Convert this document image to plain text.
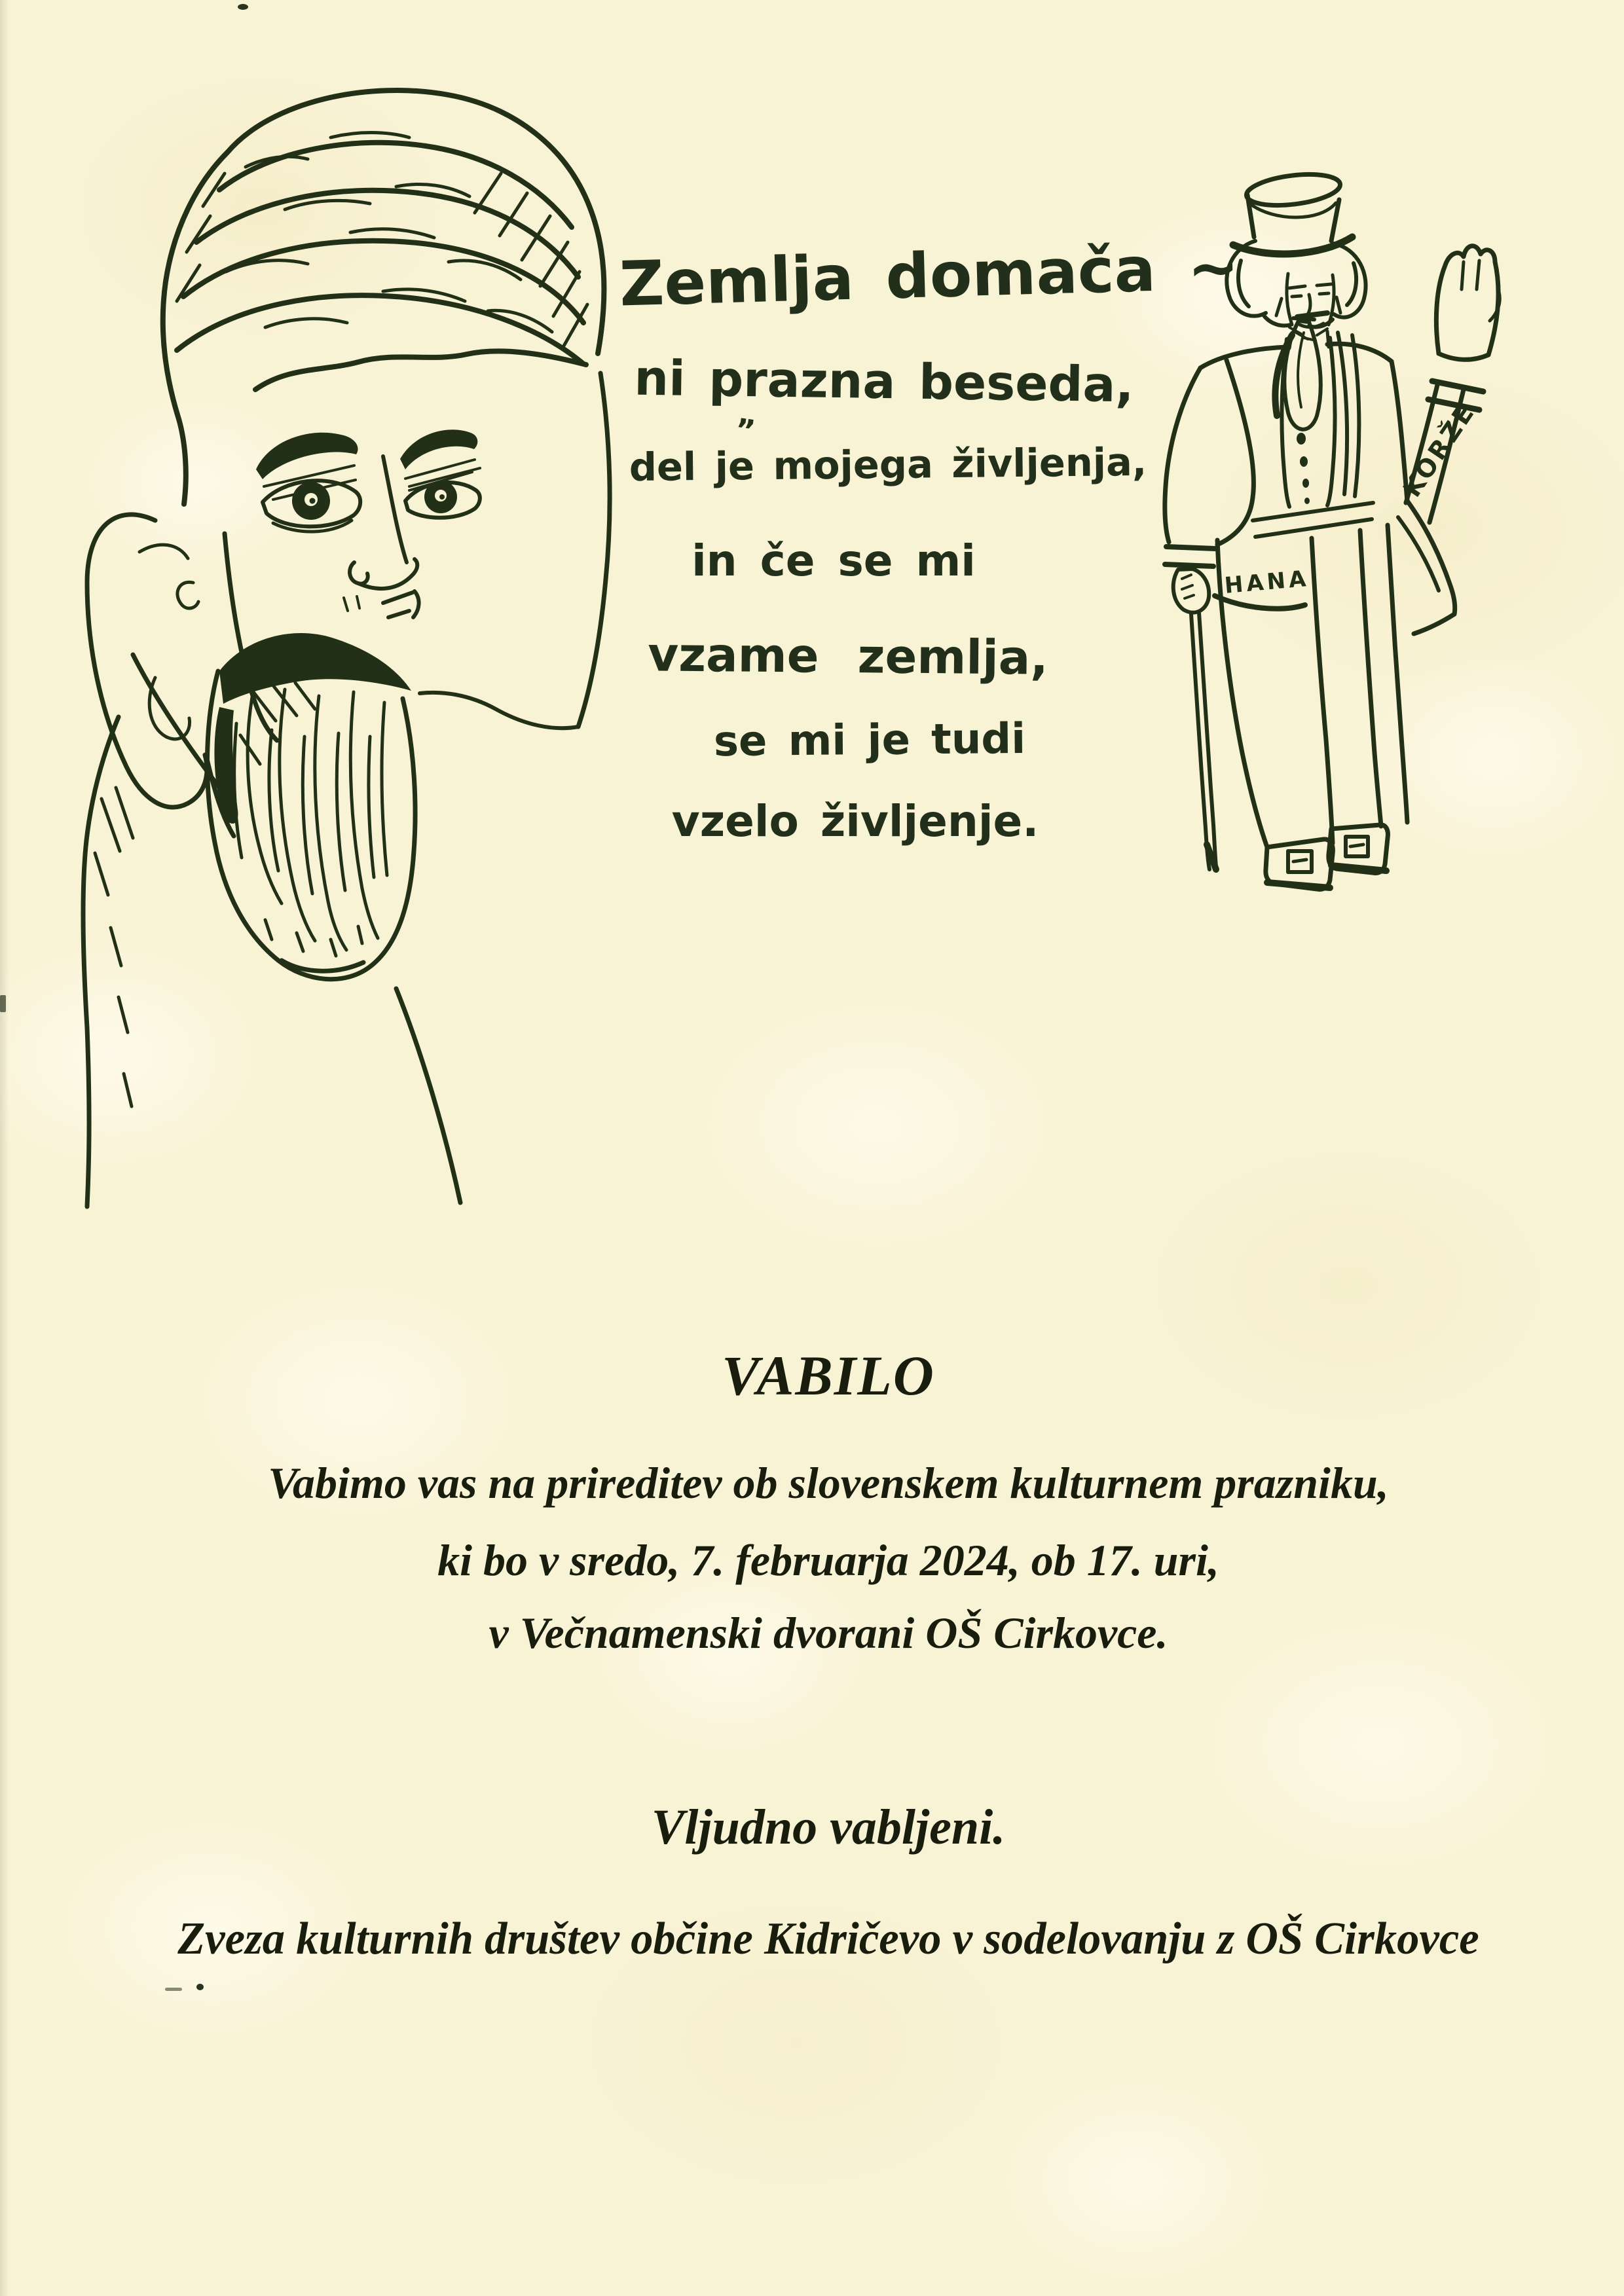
Zemlja domača ~
ni prazna beseda,
”
del je mojega življenja,
in če se mi
vzame zemlja,
se mi je tudi
vzelo življenje.
KORŽE
HANA
VABILO
Vabimo vas na prireditev ob slovenskem kulturnem prazniku,
ki bo v sredo, 7. februarja 2024, ob 17. uri,
v Večnamenski dvorani OŠ Cirkovce.
Vljudno vabljeni.
Zveza kulturnih društev občine Kidričevo v sodelovanju z OŠ Cirkovce
